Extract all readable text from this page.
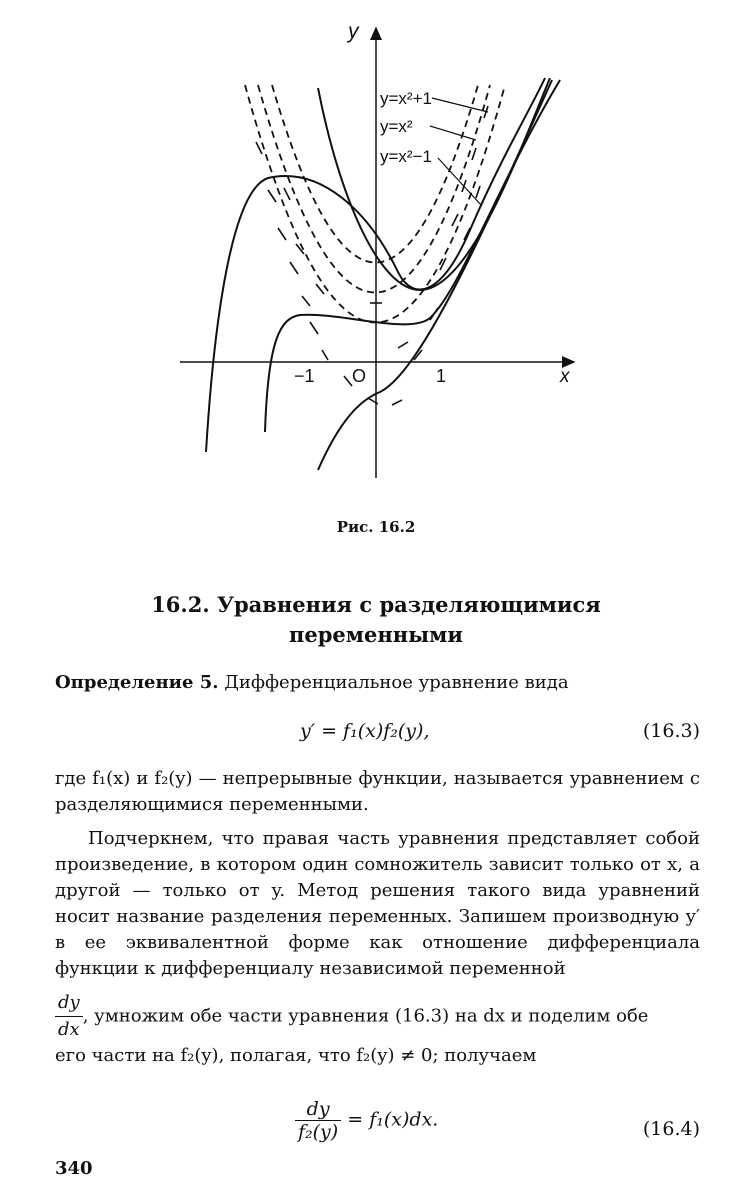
y
x
O
−1	1
y=x²+1
y=x²
y=x²−1
Рис. 16.2
16.2. Уравнения с разделяющимися
переменными
Определение 5. Дифференциальное уравнение вида
y′ = f₁(x)f₂(y),	(16.3)
где f₁(x) и f₂(y) — непрерывные функции, называется уравнением с разделяющимися переменными.
Подчеркнем, что правая часть уравнения представляет собой произведение, в котором один сомножитель зависит только от x, а другой — только от y. Метод решения такого вида уравнений носит название разделения переменных. Запишем производную y′ в ее эквивалентной форме как отношение дифференциала функции к дифференциалу независимой переменной
$\frac{dy}{dx}$ , умножим обе части уравнения (16.3) на dx и поделим обе
его части на f₂(y), полагая, что f₂(y) ≠ 0; получаем
$\frac{dy}{\text{f₂(y)}} = f_1(x)dx$.	(16.4)
340
